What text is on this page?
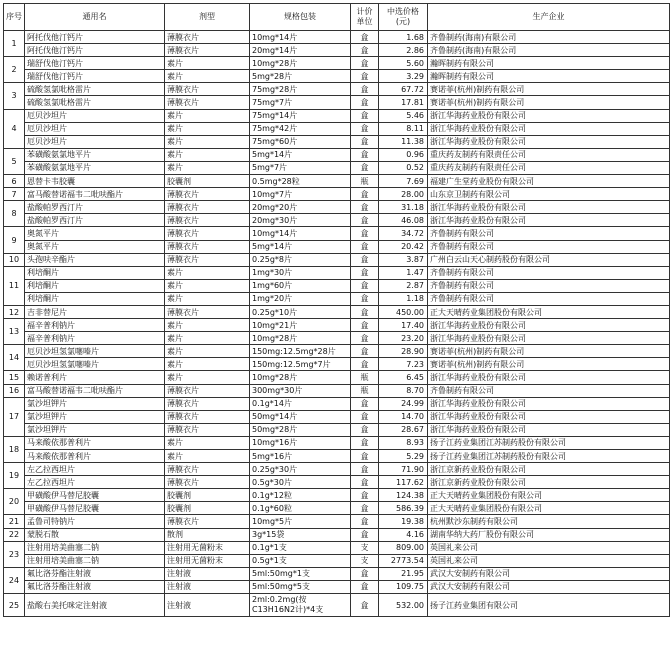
序号	通用名	剂型	规格包装	计价单位	中选价格(元)	生产企业
1	阿托伐他汀钙片	薄膜衣片	10mg*14片	盒	1.68	齐鲁制药(海南)有限公司
	阿托伐他汀钙片	薄膜衣片	20mg*14片	盒	2.86	齐鲁制药(海南)有限公司
2	瑞舒伐他汀钙片	素片	10mg*28片	盒	5.60	瀚晖制药有限公司
	瑞舒伐他汀钙片	素片	5mg*28片	盒	3.29	瀚晖制药有限公司
3	硫酸氢氯吡格雷片	薄膜衣片	75mg*28片	盒	67.72	赛诺菲(杭州)制药有限公司
	硫酸氢氯吡格雷片	薄膜衣片	75mg*7片	盒	17.81	赛诺菲(杭州)制药有限公司
4	厄贝沙坦片	素片	75mg*14片	盒	5.46	浙江华海药业股份有限公司
	厄贝沙坦片	素片	75mg*42片	盒	8.11	浙江华海药业股份有限公司
	厄贝沙坦片	素片	75mg*60片	盒	11.38	浙江华海药业股份有限公司
5	苯磺酸氨氯地平片	素片	5mg*14片	盒	0.96	重庆药友制药有限责任公司
	苯磺酸氨氯地平片	素片	5mg*7片	盒	0.52	重庆药友制药有限责任公司
6	恩替卡韦胶囊	胶囊剂	0.5mg*28粒	瓶	7.69	福建广生堂药业股份有限公司
7	富马酸替诺福韦二吡呋酯片	薄膜衣片	10mg*7片	盒	28.00	山东京卫制药有限公司
8	盐酸帕罗西汀片	薄膜衣片	20mg*20片	盒	31.18	浙江华海药业股份有限公司
	盐酸帕罗西汀片	薄膜衣片	20mg*30片	盒	46.08	浙江华海药业股份有限公司
9	奥氮平片	薄膜衣片	10mg*14片	盒	34.72	齐鲁制药有限公司
	奥氮平片	薄膜衣片	5mg*14片	盒	20.42	齐鲁制药有限公司
10	头孢呋辛酯片	薄膜衣片	0.25g*8片	盒	3.87	广州白云山天心制药股份有限公司
11	利培酮片	素片	1mg*30片	盒	1.47	齐鲁制药有限公司
	利培酮片	素片	1mg*60片	盒	2.87	齐鲁制药有限公司
	利培酮片	素片	1mg*20片	盒	1.18	齐鲁制药有限公司
12	吉非替尼片	薄膜衣片	0.25g*10片	盒	450.00	正大天晴药业集团股份有限公司
13	福辛普利钠片	素片	10mg*21片	盒	17.40	浙江华海药业股份有限公司
	福辛普利钠片	素片	10mg*28片	盒	23.20	浙江华海药业股份有限公司
14	厄贝沙坦氢氯噻嗪片	素片	150mg:12.5mg*28片	盒	28.90	赛诺菲(杭州)制药有限公司
	厄贝沙坦氢氯噻嗪片	素片	150mg:12.5mg*7片	盒	7.23	赛诺菲(杭州)制药有限公司
15	赖诺普利片	素片	10mg*28片	瓶	6.45	浙江华海药业股份有限公司
16	富马酸替诺福韦二吡呋酯片	薄膜衣片	300mg*30片	瓶	8.70	齐鲁制药有限公司
17	氯沙坦钾片	薄膜衣片	0.1g*14片	盒	24.99	浙江华海药业股份有限公司
	氯沙坦钾片	薄膜衣片	50mg*14片	盒	14.70	浙江华海药业股份有限公司
	氯沙坦钾片	薄膜衣片	50mg*28片	盒	28.67	浙江华海药业股份有限公司
18	马来酸依那普利片	素片	10mg*16片	盒	8.93	扬子江药业集团江苏制药股份有限公司
	马来酸依那普利片	素片	5mg*16片	盒	5.29	扬子江药业集团江苏制药股份有限公司
19	左乙拉西坦片	薄膜衣片	0.25g*30片	盒	71.90	浙江京新药业股份有限公司
	左乙拉西坦片	薄膜衣片	0.5g*30片	盒	117.62	浙江京新药业股份有限公司
20	甲磺酸伊马替尼胶囊	胶囊剂	0.1g*12粒	盒	124.38	正大天晴药业集团股份有限公司
	甲磺酸伊马替尼胶囊	胶囊剂	0.1g*60粒	盒	586.39	正大天晴药业集团股份有限公司
21	孟鲁司特钠片	薄膜衣片	10mg*5片	盒	19.38	杭州默沙东制药有限公司
22	蒙脱石散	散剂	3g*15袋	盒	4.16	湖南华纳大药厂股份有限公司
23	注射用培美曲塞二钠	注射用无菌粉末	0.1g*1支	支	809.00	英国礼来公司
	注射用培美曲塞二钠	注射用无菌粉末	0.5g*1支	支	2773.54	英国礼来公司
24	氟比洛芬酯注射液	注射液	5ml:50mg*1支	盒	21.95	武汉大安制药有限公司
	氟比洛芬酯注射液	注射液	5ml:50mg*5支	盒	109.75	武汉大安制药有限公司
25	盐酸右美托咪定注射液	注射液	2ml:0.2mg(按C13H16N2计)*4支	盒	532.00	扬子江药业集团有限公司
